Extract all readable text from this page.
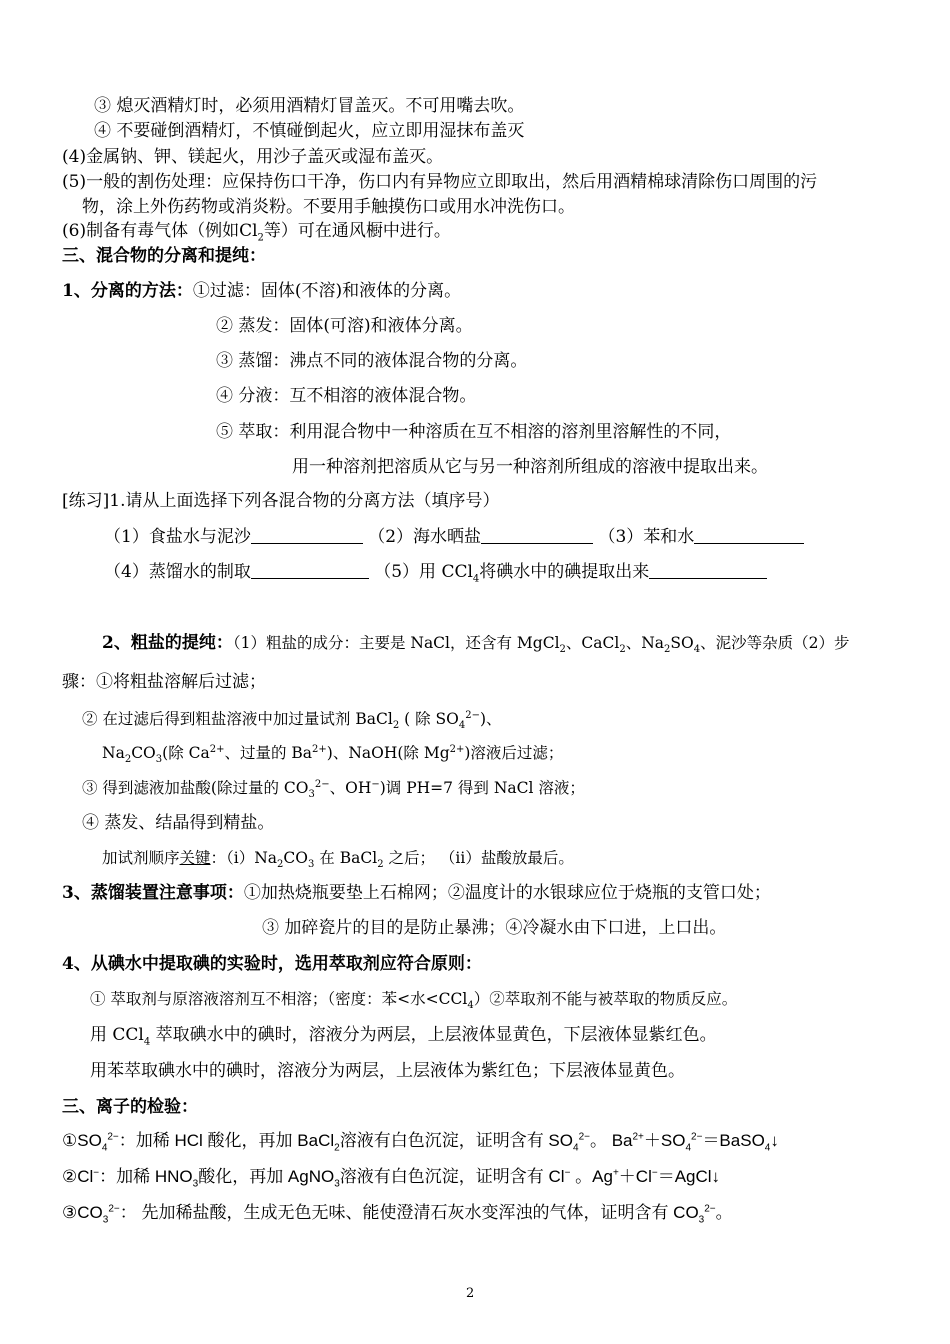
③ 熄灭酒精灯时，必须用酒精灯冒盖灭。不可用嘴去吹。
④ 不要碰倒酒精灯，不慎碰倒起火，应立即用湿抹布盖灭
(4)金属钠、钾、镁起火，用沙子盖灭或湿布盖灭。
(5)一般的割伤处理：应保持伤口干净，伤口内有异物应立即取出，然后用酒精棉球清除伤口周围的污
物，涂上外伤药物或消炎粉。不要用手触摸伤口或用水冲洗伤口。
(6)制备有毒气体（例如$Cl_2$等）可在通风橱中进行。
三、混合物的分离和提纯：
1、分离的方法：①过滤：固体(不溶)和液体的分离。
② 蒸发：固体(可溶)和液体分离。
③ 蒸馏：沸点不同的液体混合物的分离。
④ 分液：互不相溶的液体混合物。
⑤ 萃取：利用混合物中一种溶质在互不相溶的溶剂里溶解性的不同，
用一种溶剂把溶质从它与另一种溶剂所组成的溶液中提取出来。
[练习]1.请从上面选择下列各混合物的分离方法（填序号）
（1）食盐水与泥沙	（2）海水晒盐	（3）苯和水
（4）蒸馏水的制取	（5）用 CCl$_4$将碘水中的碘提取出来
2、粗盐的提纯：（1）粗盐的成分：主要是 NaCl，还含有 MgCl$_2$、CaCl$_2$、$Na_2SO_4$、泥沙等杂质（2）步
骤：①将粗盐溶解后过滤；
② 在过滤后得到粗盐溶液中加过量试剂 BaCl$_2$ ( 除 $SO_4^{2-}$)、
$Na_2CO_3$(除 $Ca^{2+}$、过量的 $Ba^{2+}$)、NaOH(除 $Mg^{2+}$)溶液后过滤；
③ 得到滤液加盐酸(除过量的 $CO_3^{2-}$、OH−)调 PH=7 得到 NaCl 溶液；
④ 蒸发、结晶得到精盐。
加试剂顺序关键：$(ⅰ)Na_2CO_3$ 在 BaCl$_2$ 之后； （ⅱ）盐酸放最后。
3、蒸馏装置注意事项：①加热烧瓶要垫上石棉网；②温度计的水银球应位于烧瓶的支管口处；
③ 加碎瓷片的目的是防止暴沸；④冷凝水由下口进，上口出。
4、从碘水中提取碘的实验时，选用萃取剂应符合原则：
① 萃取剂与原溶液溶剂互不相溶；（密度：苯<水<CCl$_4$）②萃取剂不能与被萃取的物质反应。
用 CCl$_4$ 萃取碘水中的碘时，溶液分为两层，上层液体显黄色，下层液体显紫红色。
用苯萃取碘水中的碘时，溶液分为两层，上层液体为紫红色；下层液体显黄色。
三、离子的检验：
$①SO_4^{2-}$：加稀 HCl 酸化，再加 BaCl$_2$溶液有白色沉淀，证明含有 $SO_4^{2-}$。 $Ba^{2+}+SO_4^{2-}=BaSO_4↓$
②Cl−：加稀 $HNO_3$酸化，再加 AgNO$_3$溶液有白色沉淀，证明含有 Cl− 。Ag+＋Cl−＝AgCl↓
$③CO_3^{2-}$： 先加稀盐酸，生成无色无味、能使澄清石灰水变浑浊的气体，证明含有 $CO_3^{2-}$。
2
